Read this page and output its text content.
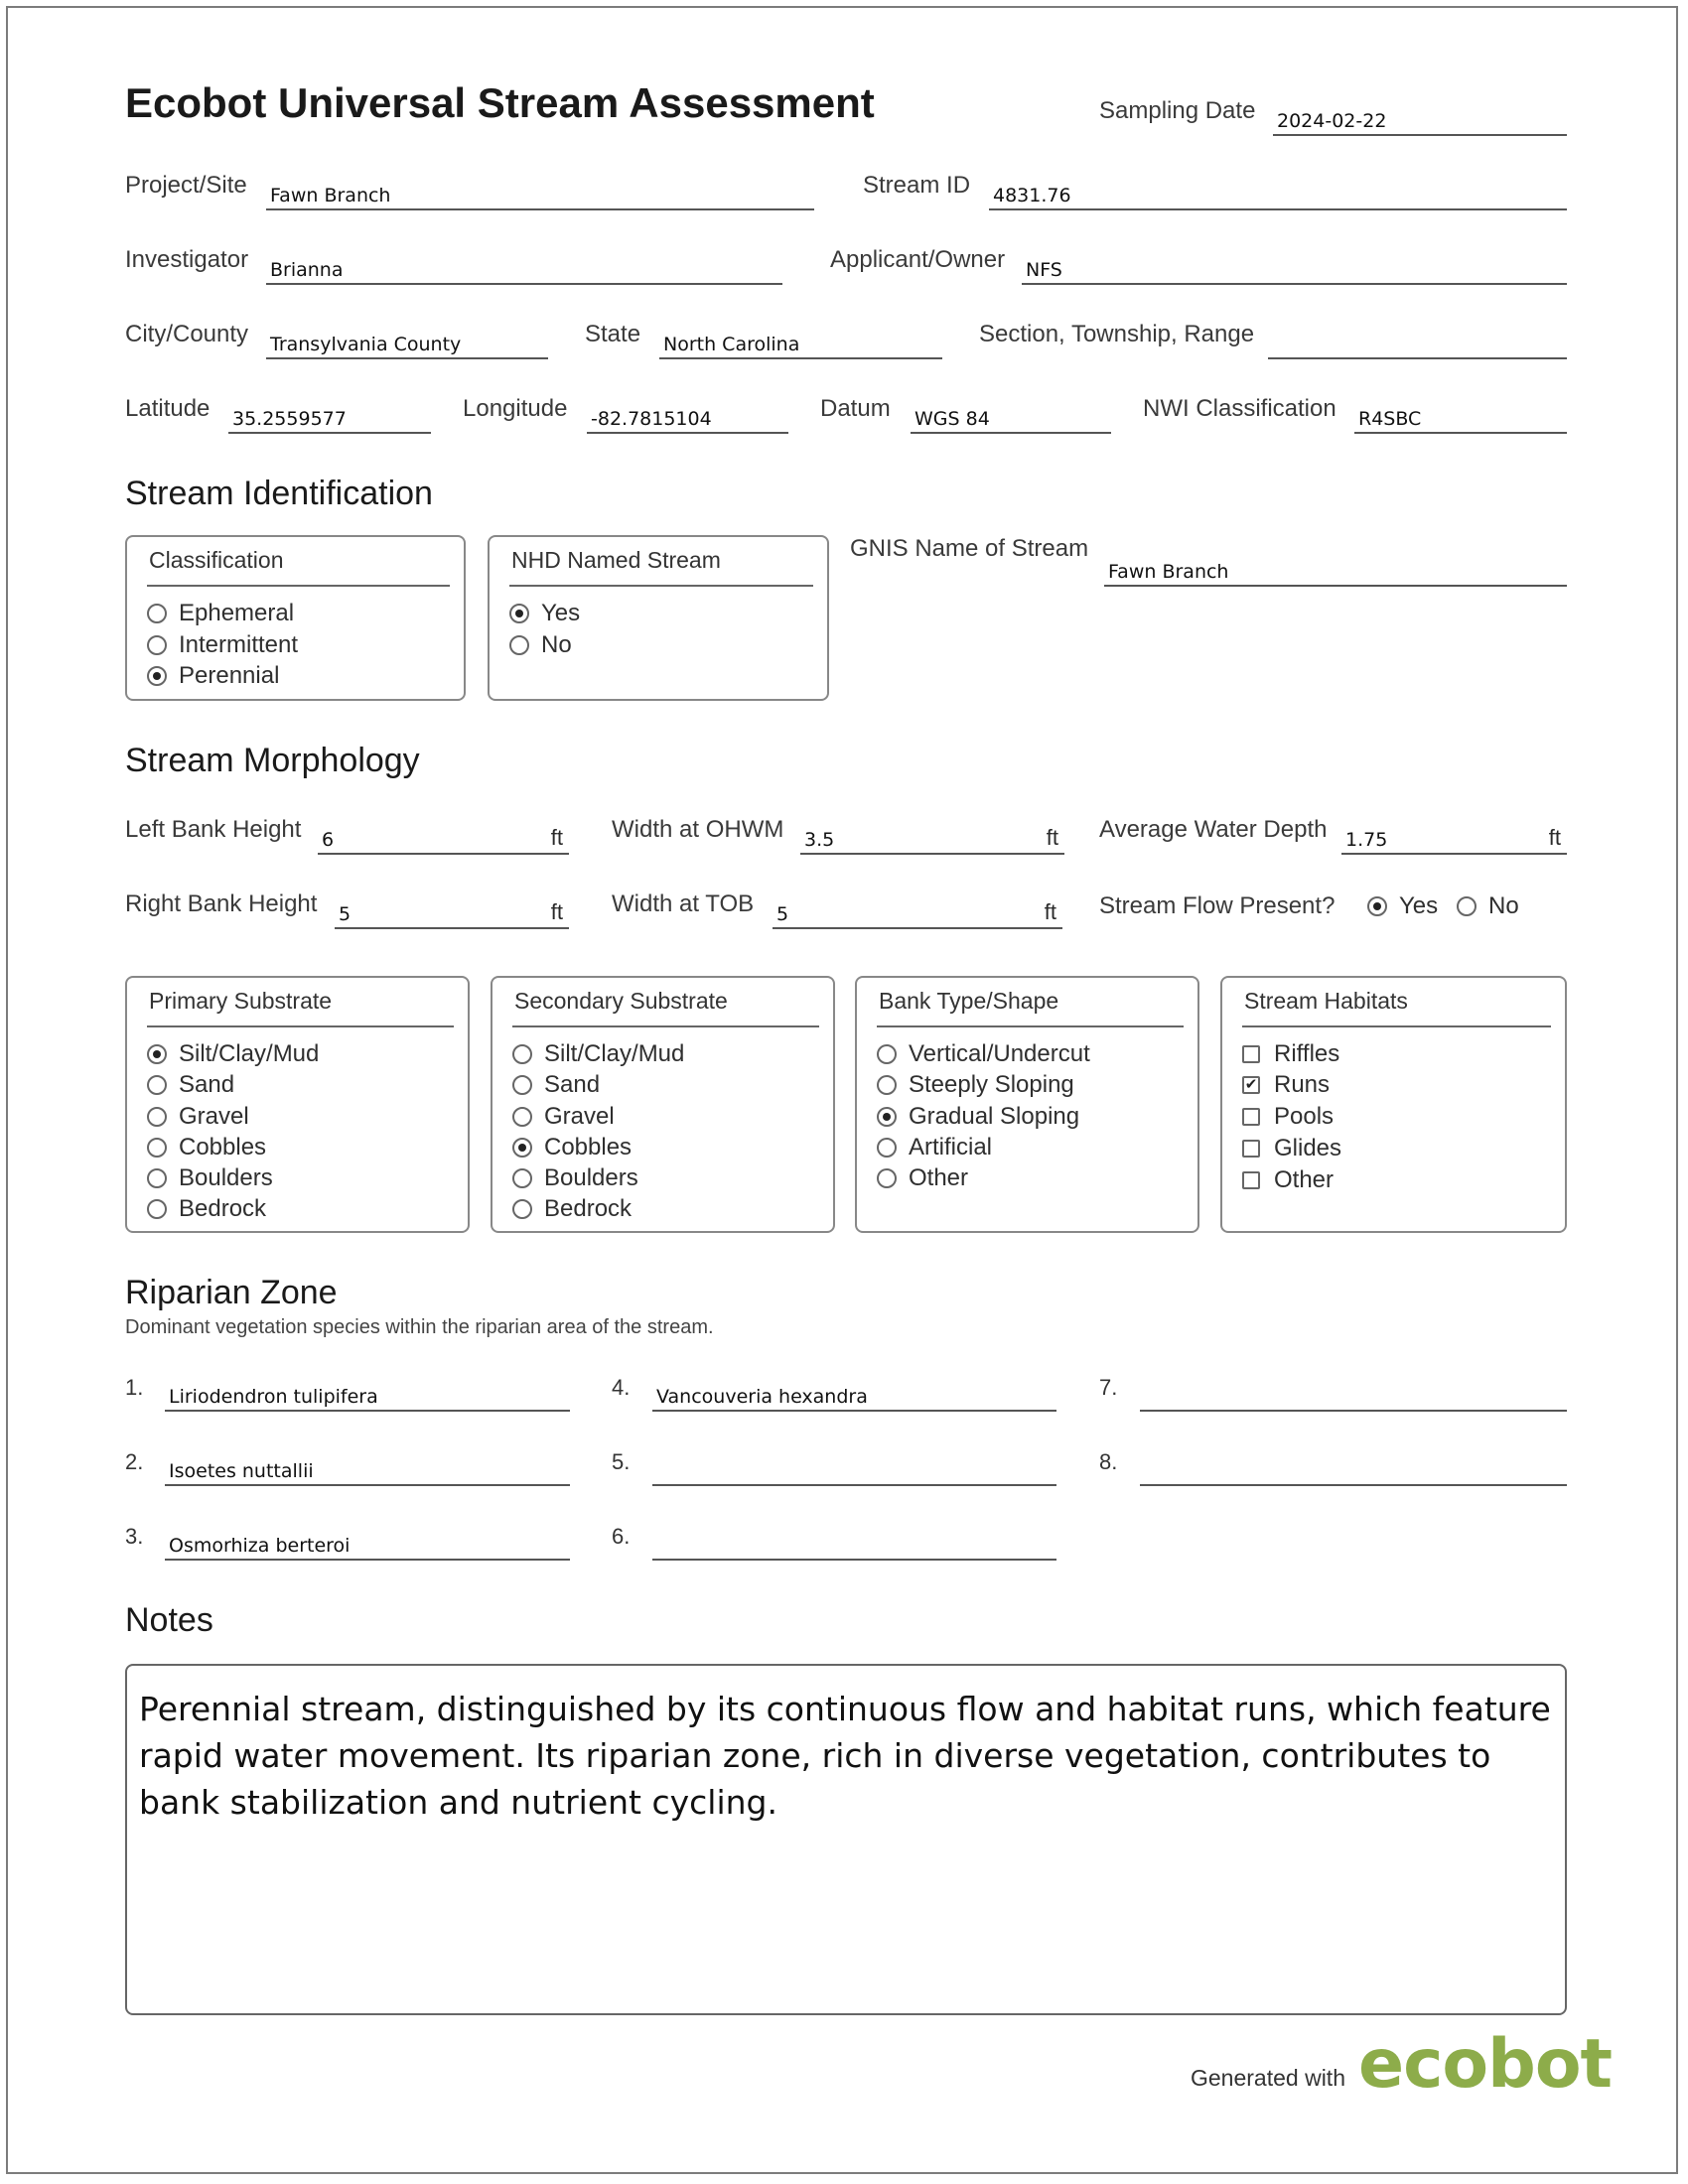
Ecobot Universal Stream Assessment	Sampling Date 2024-02-22
Project/Site Fawn Branch	Stream ID 4831.76
Investigator Brianna	Applicant/Owner NFS
City/County Transylvania County	State North Carolina	Section, Township, Range
Latitude 35.2559577	Longitude -82.7815104	Datum WGS 84	NWI Classification R4SBC
Stream Identification
Classification
Ephemeral
Intermittent
Perennial
NHD Named Stream
Yes
No
GNIS Name of Stream
Fawn Branch
Stream Morphology
Left Bank Height 6	ft Width at OHWM 3.5	ft Average Water Depth 1.75	ft
Right Bank Height 5	ft Width at TOB 5	ft Stream Flow Present?	Yes No
Primary Substrate
Silt/Clay/Mud
Sand
Gravel
Cobbles
Boulders
Bedrock
Secondary Substrate
Silt/Clay/Mud
Sand
Gravel
Cobbles
Boulders
Bedrock
Bank Type/Shape
Vertical/Undercut
Steeply Sloping
Gradual Sloping
Artificial
Other
Stream Habitats
Riffles
✔ Runs
Pools
Glides
Other
Riparian Zone
Dominant vegetation species within the riparian area of the stream.
1. Liriodendron tulipifera
2. Isoetes nuttallii
3. Osmorhiza berteroi
4. Vancouveria hexandra
5.
6.
7.
8.
Notes
Perennial stream, distinguished by its continuous flow and habitat runs, which feature rapid water movement. Its riparian zone, rich in diverse vegetation, contributes to bank stabilization and nutrient cycling.
Generated with ecobot
